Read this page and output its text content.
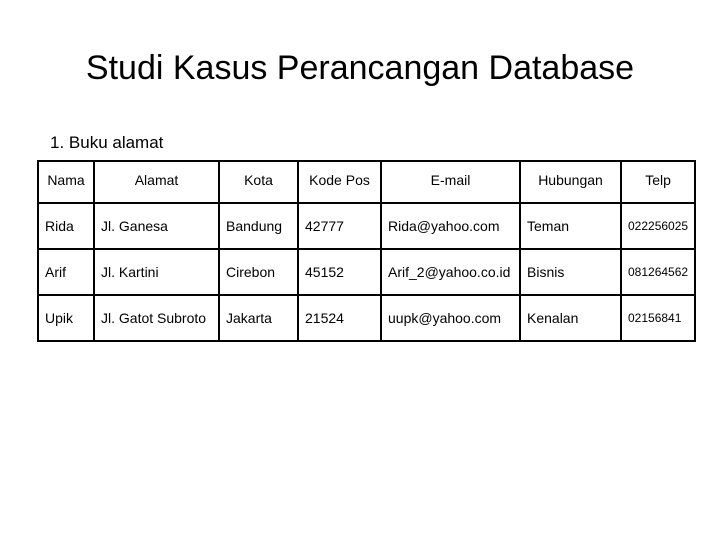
Studi Kasus Perancangan Database
1. Buku alamat
Nama	Alamat	Kota	Kode Pos	E-mail	Hubungan	Telp
Rida	Jl. Ganesa	Bandung	42777	Rida@yahoo.com	Teman	022256025
Arif	Jl. Kartini	Cirebon	45152	Arif_2@yahoo.co.id	Bisnis	081264562
Upik	Jl. Gatot Subroto	Jakarta	21524	uupk@yahoo.com	Kenalan	02156841
